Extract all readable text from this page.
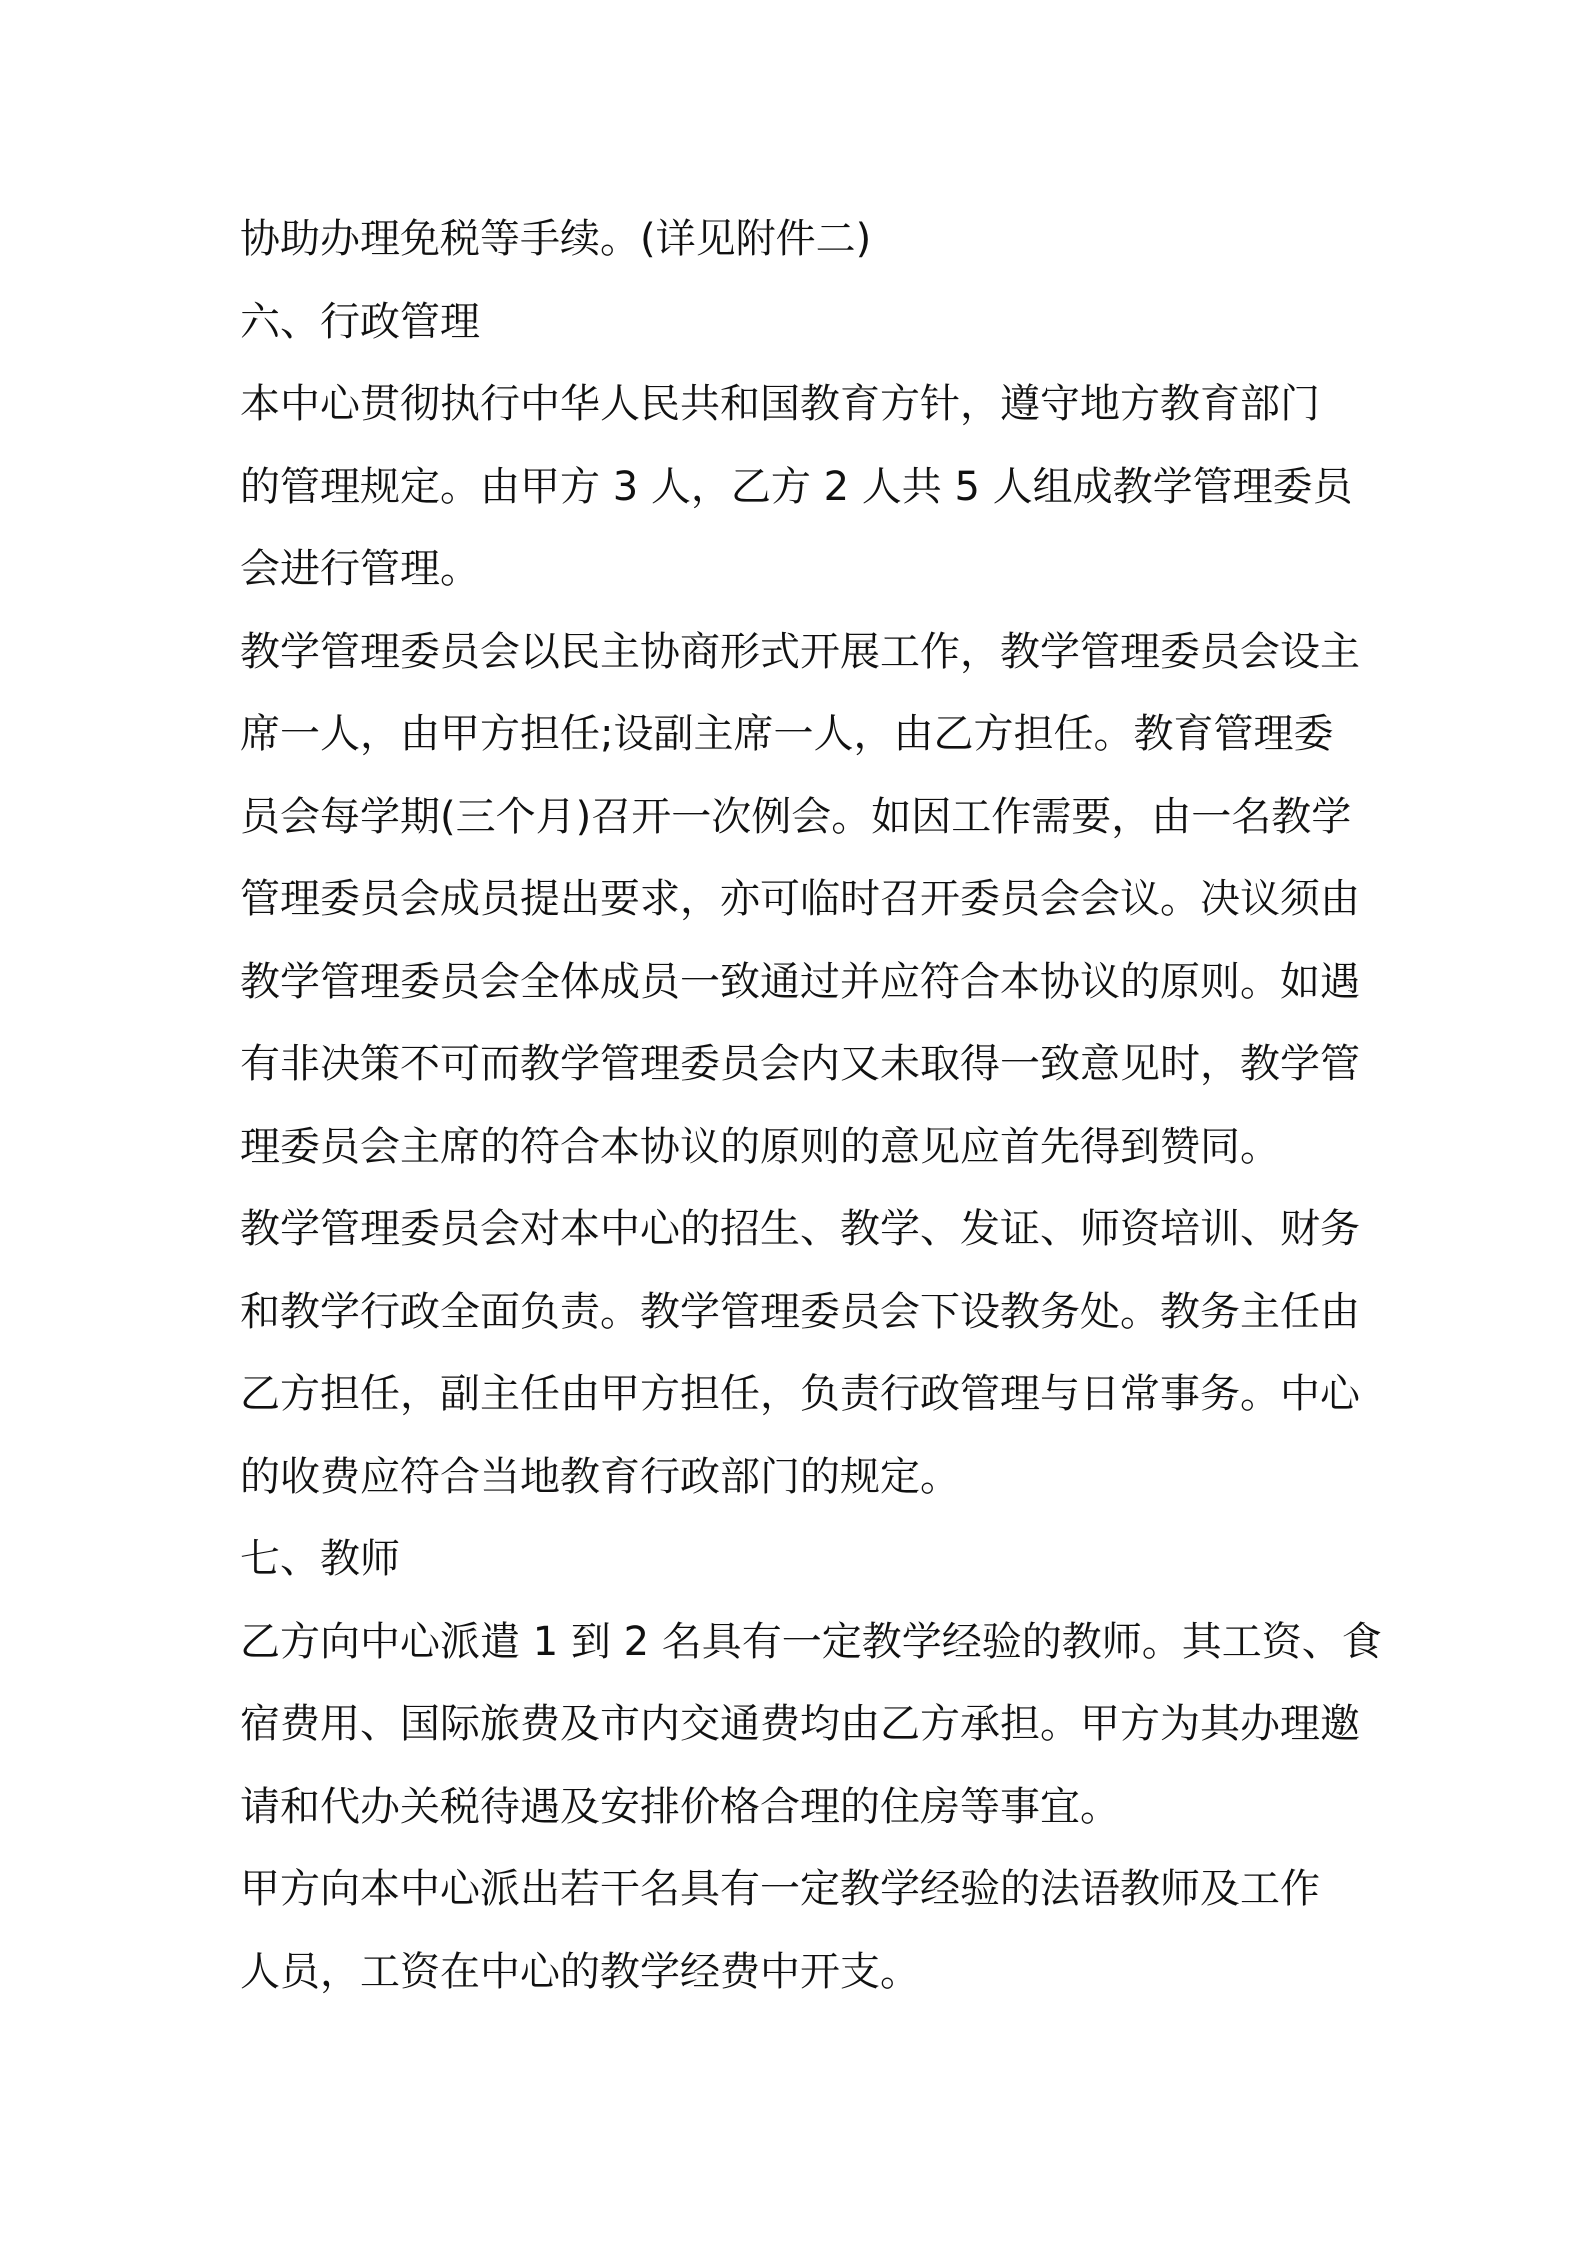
协助办理免税等手续。(详见附件二)
六、行政管理
本中心贯彻执行中华人民共和国教育方针，遵守地方教育部门
的管理规定。由甲方 3 人，乙方 2 人共 5 人组成教学管理委员
会进行管理。
教学管理委员会以民主协商形式开展工作，教学管理委员会设主
席一人，由甲方担任;设副主席一人，由乙方担任。教育管理委
员会每学期(三个月)召开一次例会。如因工作需要，由一名教学
管理委员会成员提出要求，亦可临时召开委员会会议。决议须由
教学管理委员会全体成员一致通过并应符合本协议的原则。如遇
有非决策不可而教学管理委员会内又未取得一致意见时，教学管
理委员会主席的符合本协议的原则的意见应首先得到赞同。
教学管理委员会对本中心的招生、教学、发证、师资培训、财务
和教学行政全面负责。教学管理委员会下设教务处。教务主任由
乙方担任，副主任由甲方担任，负责行政管理与日常事务。中心
的收费应符合当地教育行政部门的规定。
七、教师
乙方向中心派遣 1 到 2 名具有一定教学经验的教师。其工资、食
宿费用、国际旅费及市内交通费均由乙方承担。甲方为其办理邀
请和代办关税待遇及安排价格合理的住房等事宜。
甲方向本中心派出若干名具有一定教学经验的法语教师及工作
人员，工资在中心的教学经费中开支。
